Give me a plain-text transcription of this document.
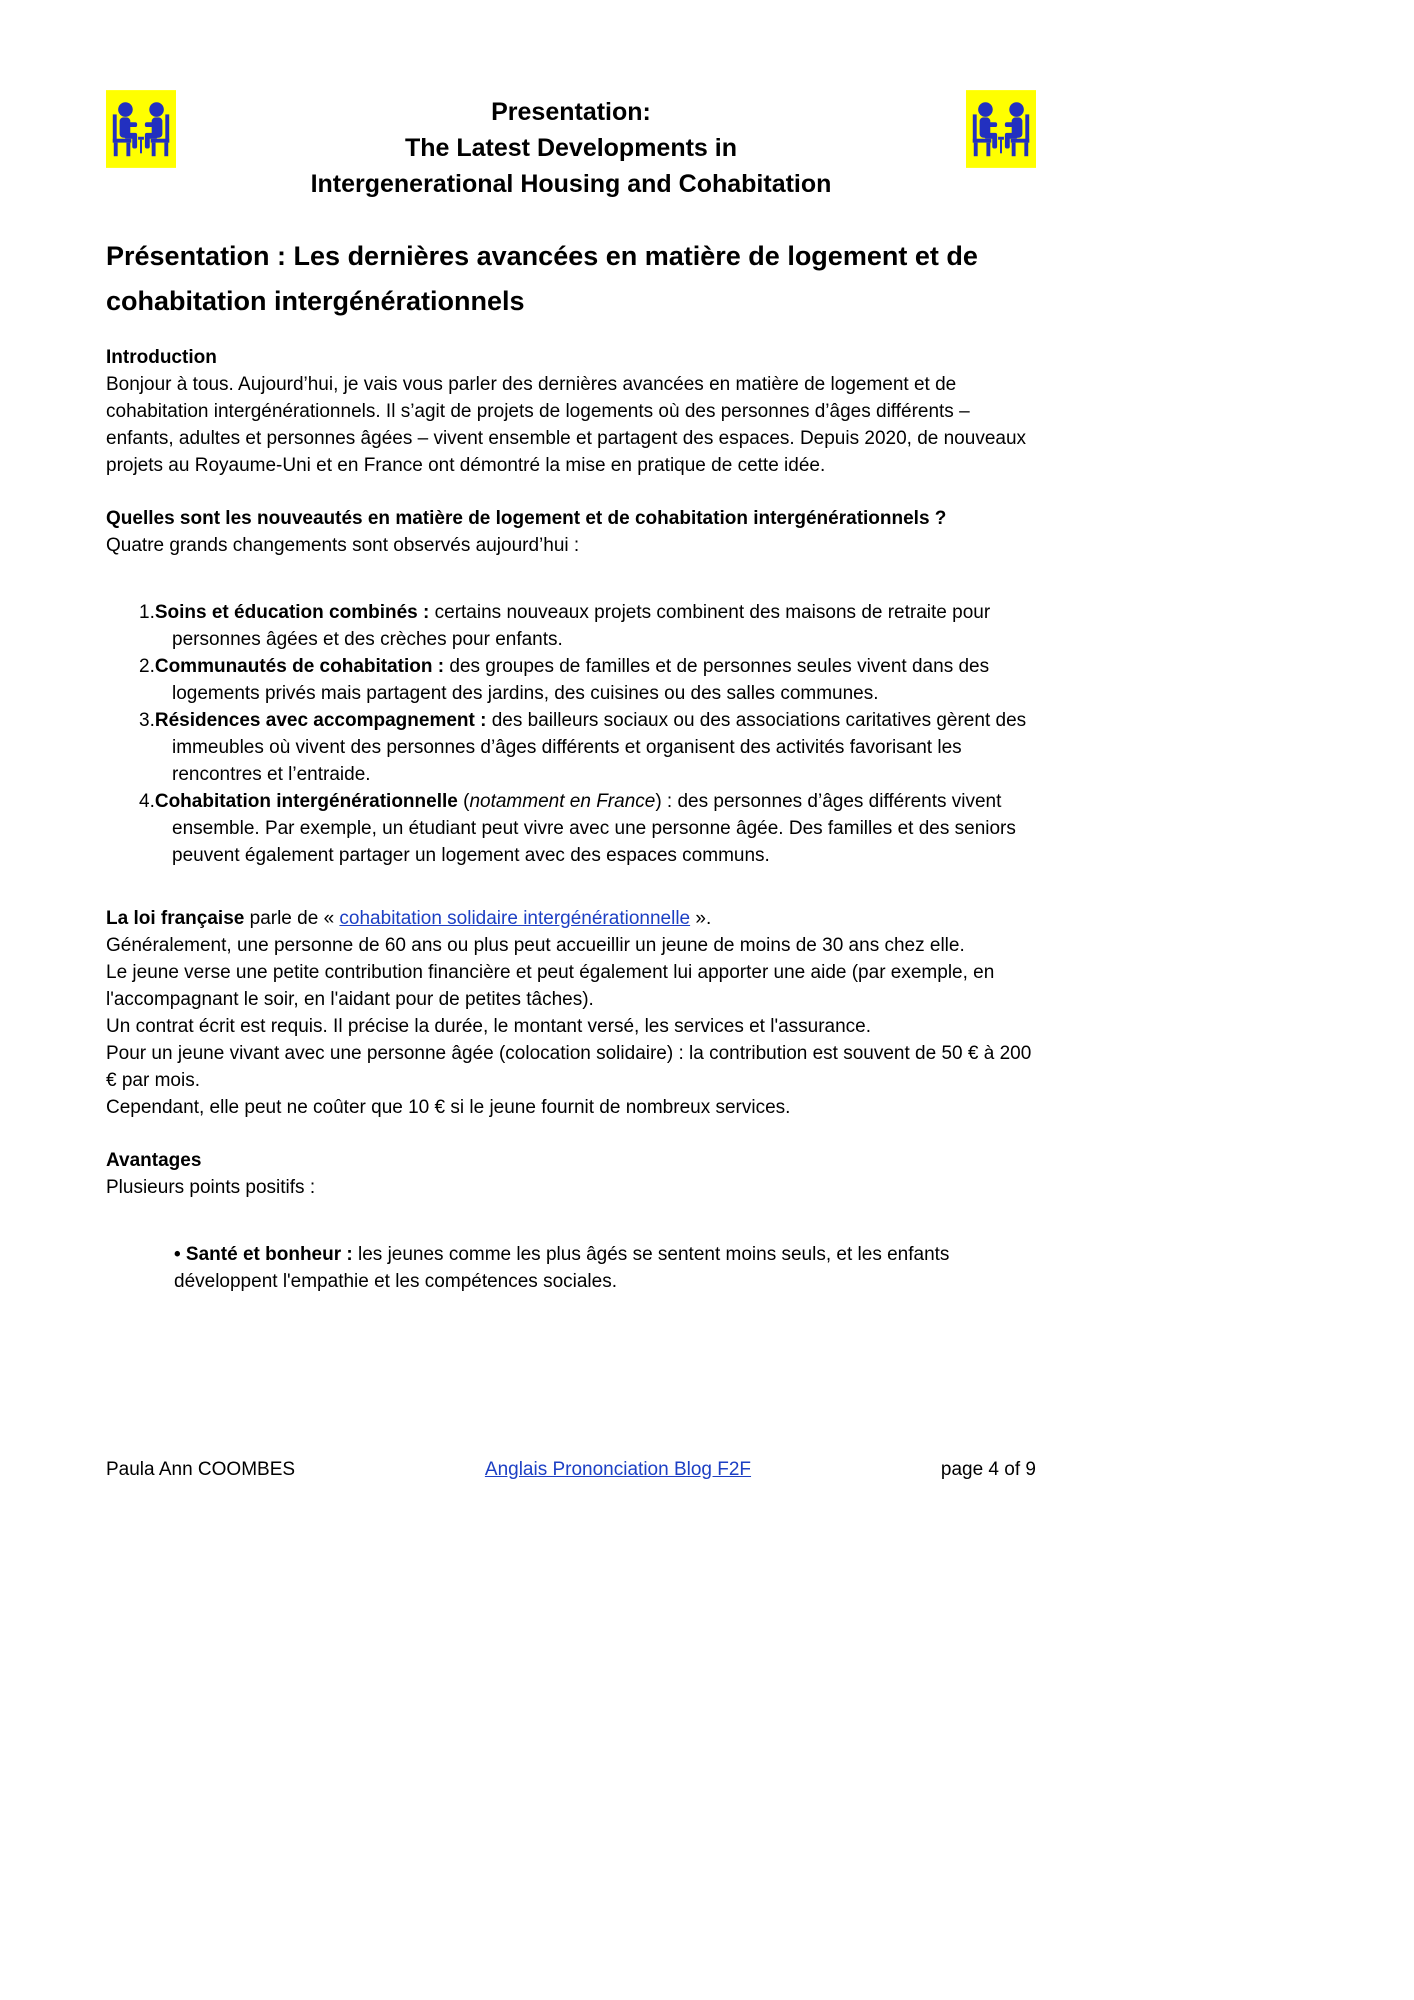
Presentation:
The Latest Developments in
Intergenerational Housing and Cohabitation
Présentation : Les dernières avancées en matière de logement et de cohabitation intergénérationnels
Introduction

Bonjour à tous. Aujourd’hui, je vais vous parler des dernières avancées en matière de logement et de cohabitation intergénérationnels. Il s’agit de projets de logements où des personnes d’âges différents – enfants, adultes et personnes âgées – vivent ensemble et partagent des espaces. Depuis 2020, de nouveaux projets au Royaume-Uni et en France ont démontré la mise en pratique de cette idée.

Quelles sont les nouveautés en matière de logement et de cohabitation intergénérationnels ?

Quatre grands changements sont observés aujourd’hui :

1.Soins et éducation combinés : certains nouveaux projets combinent des maisons de retraite pour personnes âgées et des crèches pour enfants.
2.Communautés de cohabitation : des groupes de familles et de personnes seules vivent dans des logements privés mais partagent des jardins, des cuisines ou des salles communes.
3.Résidences avec accompagnement : des bailleurs sociaux ou des associations caritatives gèrent des immeubles où vivent des personnes d’âges différents et organisent des activités favorisant les rencontres et l’entraide.
4.Cohabitation intergénérationnelle (notamment en France) : des personnes d’âges différents vivent ensemble. Par exemple, un étudiant peut vivre avec une personne âgée. Des familles et des seniors peuvent également partager un logement avec des espaces communs.

La loi française parle de « cohabitation solidaire intergénérationnelle ».

Généralement, une personne de 60 ans ou plus peut accueillir un jeune de moins de 30 ans chez elle.
Le jeune verse une petite contribution financière et peut également lui apporter une aide (par exemple, en l'accompagnant le soir, en l'aidant pour de petites tâches).
Un contrat écrit est requis. Il précise la durée, le montant versé, les services et l'assurance.
Pour un jeune vivant avec une personne âgée (colocation solidaire) : la contribution est souvent de 50 € à 200 € par mois.
Cependant, elle peut ne coûter que 10 € si le jeune fournit de nombreux services.
Avantages

Plusieurs points positifs :

• Santé et bonheur : les jeunes comme les plus âgés se sentent moins seuls, et les enfants développent l'empathie et les compétences sociales.
Paula Ann COOMBES	Anglais Prononciation Blog F2F	page 4 of 9
